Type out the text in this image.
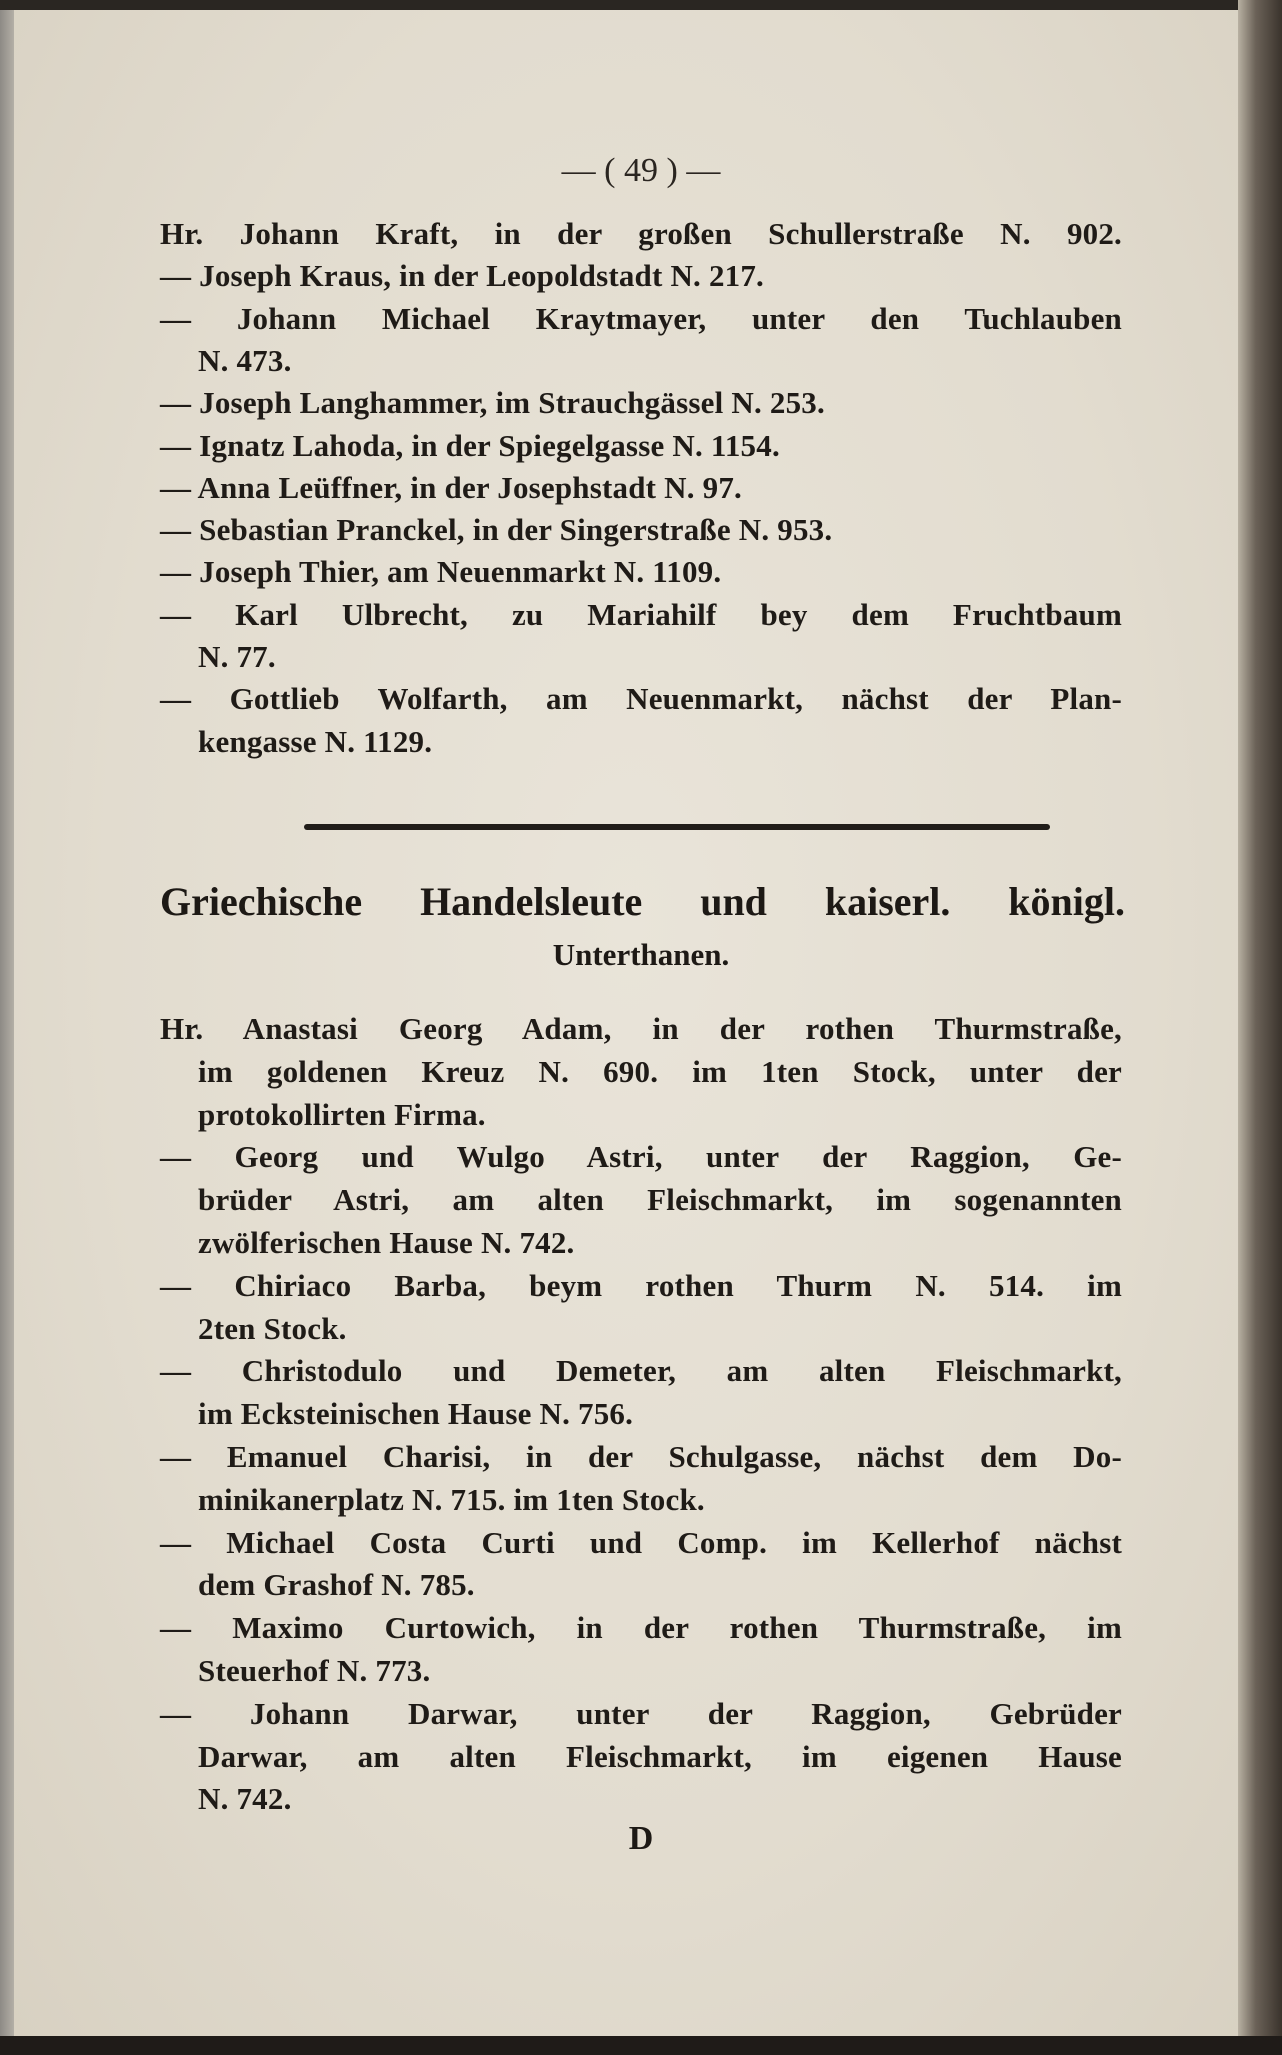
— ( 49 ) —
Hr. Johann Kraft, in der großen Schullerstraße N. 902.
— Joseph Kraus, in der Leopoldstadt N. 217.
— Johann Michael Kraytmayer, unter den Tuchlauben
N. 473.
— Joseph Langhammer, im Strauchgässel N. 253.
— Ignatz Lahoda, in der Spiegelgasse N. 1154.
— Anna Leüffner, in der Josephstadt N. 97.
— Sebastian Pranckel, in der Singerstraße N. 953.
— Joseph Thier, am Neuenmarkt N. 1109.
— Karl Ulbrecht, zu Mariahilf bey dem Fruchtbaum
N. 77.
— Gottlieb Wolfarth, am Neuenmarkt, nächst der Plan-
kengasse N. 1129.
Griechische Handelsleute und kaiserl. königl.
Unterthanen.
Hr. Anastasi Georg Adam, in der rothen Thurmstraße,
im goldenen Kreuz N. 690. im 1ten Stock, unter der
protokollirten Firma.
— Georg und Wulgo Astri, unter der Raggion, Ge-
brüder Astri, am alten Fleischmarkt, im sogenannten
zwölferischen Hause N. 742.
— Chiriaco Barba, beym rothen Thurm N. 514. im
2ten Stock.
— Christodulo und Demeter, am alten Fleischmarkt,
im Ecksteinischen Hause N. 756.
— Emanuel Charisi, in der Schulgasse, nächst dem Do-
minikanerplatz N. 715. im 1ten Stock.
— Michael Costa Curti und Comp. im Kellerhof nächst
dem Grashof N. 785.
— Maximo Curtowich, in der rothen Thurmstraße, im
Steuerhof N. 773.
— Johann Darwar, unter der Raggion, Gebrüder
Darwar, am alten Fleischmarkt, im eigenen Hause
N. 742.
D
